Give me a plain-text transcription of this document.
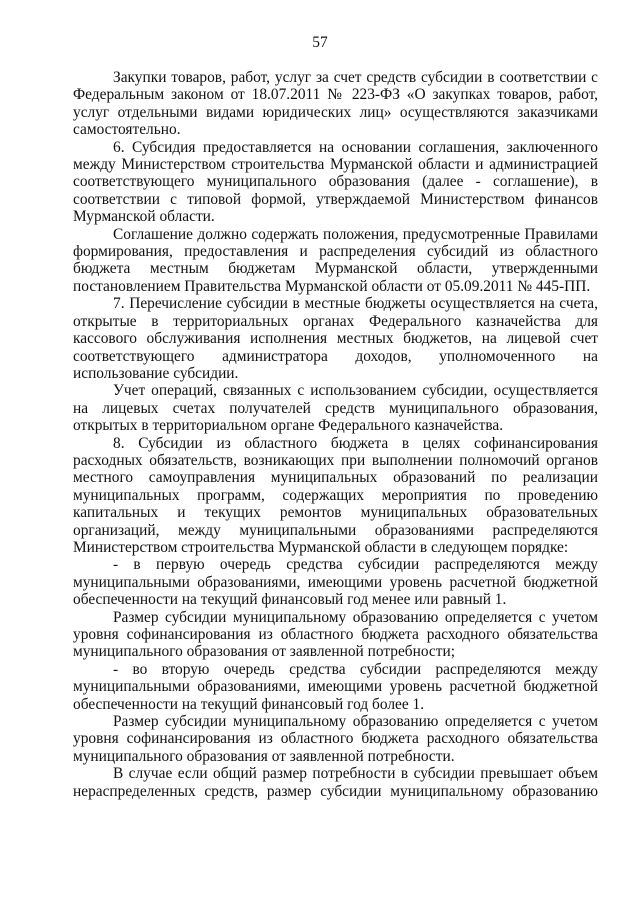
57

Закупки товаров, работ, услуг за счет средств субсидии в соответствии с Федеральным законом от 18.07.2011 № 223-ФЗ «О закупках товаров, работ, услуг отдельными видами юридических лиц» осуществляются заказчиками самостоятельно.

6. Субсидия предоставляется на основании соглашения, заключенного между Министерством строительства Мурманской области и администрацией соответствующего муниципального образования (далее - соглашение), в соответствии с типовой формой, утверждаемой Министерством финансов Мурманской области.

Соглашение должно содержать положения, предусмотренные Правилами формирования, предоставления и распределения субсидий из областного бюджета местным бюджетам Мурманской области, утвержденными постановлением Правительства Мурманской области от 05.09.2011 № 445-ПП.

7. Перечисление субсидии в местные бюджеты осуществляется на счета, открытые в территориальных органах Федерального казначейства для кассового обслуживания исполнения местных бюджетов, на лицевой счет соответствующего администратора доходов, уполномоченного на использование субсидии.

Учет операций, связанных с использованием субсидии, осуществляется на лицевых счетах получателей средств муниципального образования, открытых в территориальном органе Федерального казначейства.

8. Субсидии из областного бюджета в целях софинансирования расходных обязательств, возникающих при выполнении полномочий органов местного самоуправления муниципальных образований по реализации муниципальных программ, содержащих мероприятия по проведению капитальных и текущих ремонтов муниципальных образовательных организаций, между муниципальными образованиями распределяются Министерством строительства Мурманской области в следующем порядке:

- в первую очередь средства субсидии распределяются между муниципальными образованиями, имеющими уровень расчетной бюджетной обеспеченности на текущий финансовый год менее или равный 1.

Размер субсидии муниципальному образованию определяется с учетом уровня софинансирования из областного бюджета расходного обязательства муниципального образования от заявленной потребности;

- во вторую очередь средства субсидии распределяются между муниципальными образованиями, имеющими уровень расчетной бюджетной обеспеченности на текущий финансовый год более 1.

Размер субсидии муниципальному образованию определяется с учетом уровня софинансирования из областного бюджета расходного обязательства муниципального образования от заявленной потребности.

В случае если общий размер потребности в субсидии превышает объем нераспределенных средств, размер субсидии муниципальному образованию
